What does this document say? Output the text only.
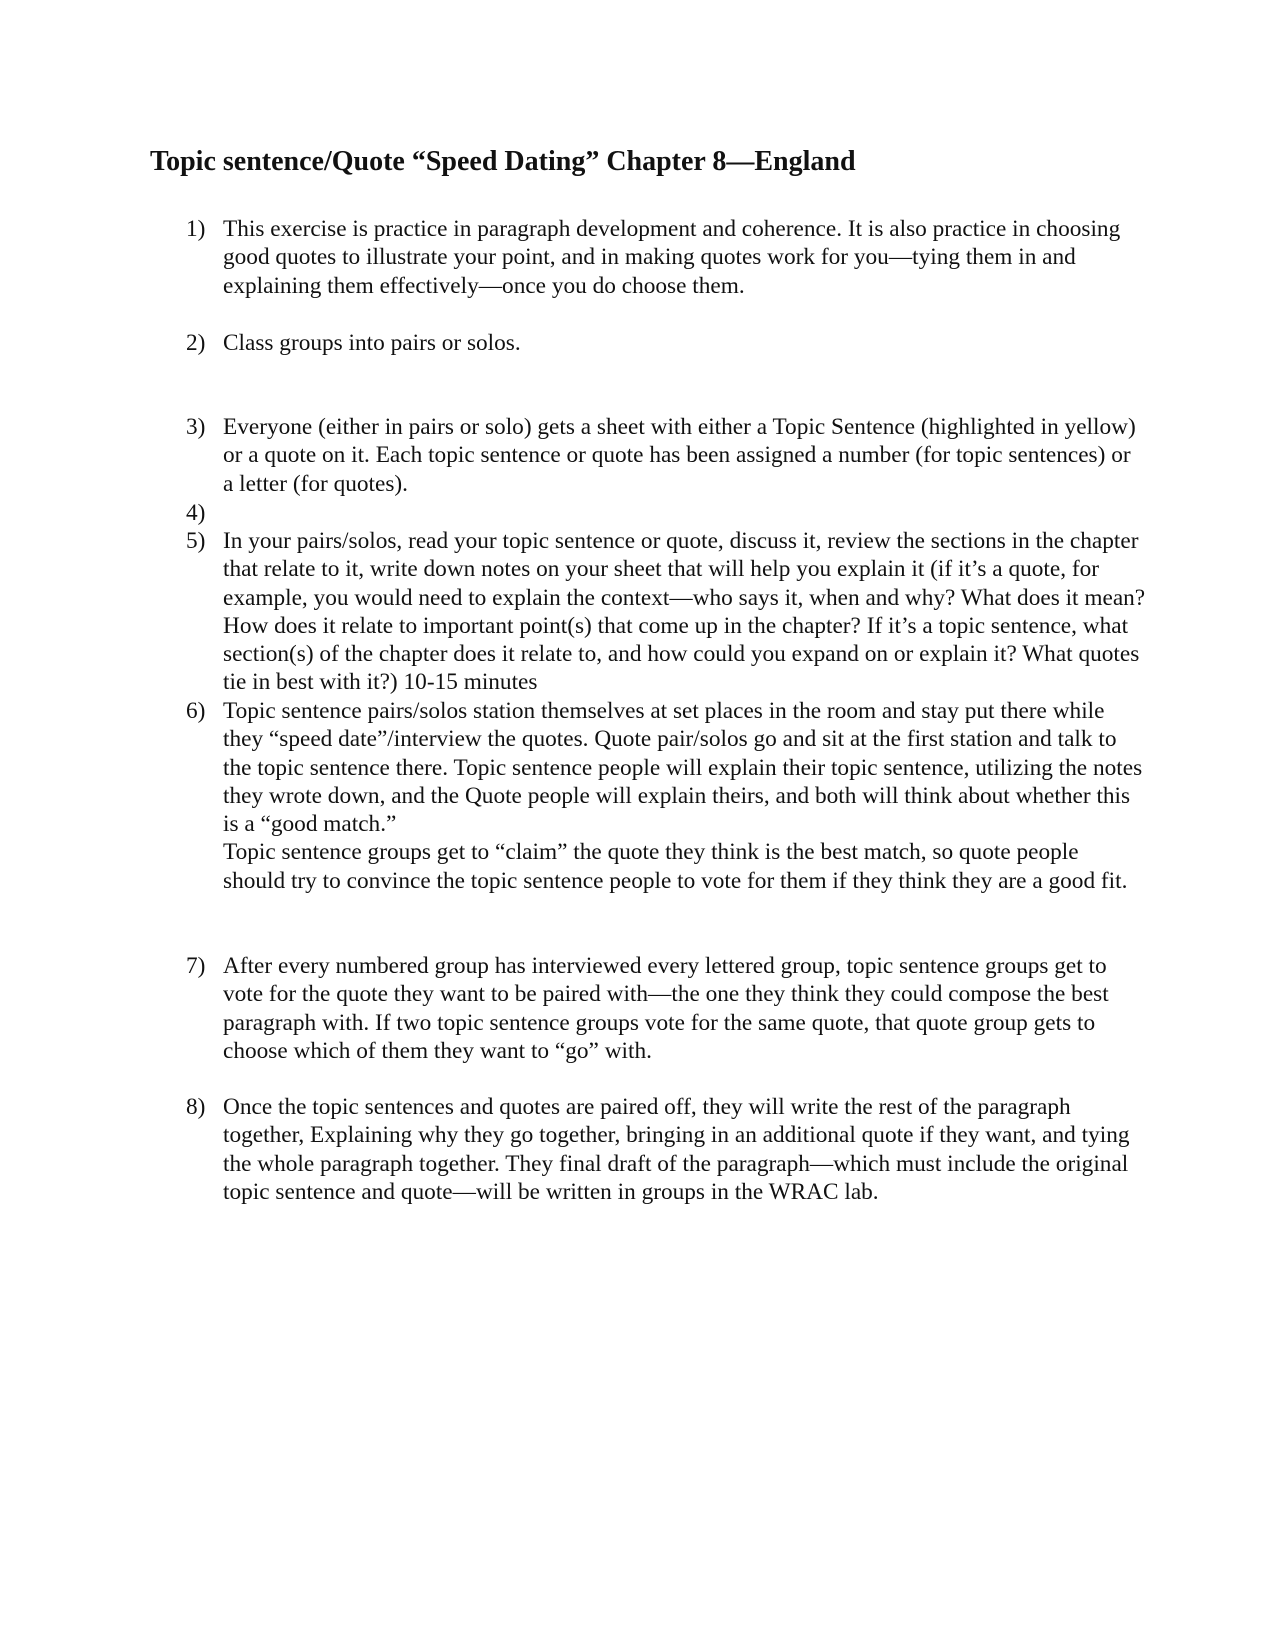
Topic sentence/Quote “Speed Dating” Chapter 8—England
1) This exercise is practice in paragraph development and coherence. It is also practice in choosing good quotes to illustrate your point, and in making quotes work for you—tying them in and explaining them effectively—once you do choose them.
2) Class groups into pairs or solos.
3) Everyone (either in pairs or solo) gets a sheet with either a Topic Sentence (highlighted in yellow) or a quote on it. Each topic sentence or quote has been assigned a number (for topic sentences) or a letter (for quotes).
4)
5) In your pairs/solos, read your topic sentence or quote, discuss it, review the sections in the chapter that relate to it, write down notes on your sheet that will help you explain it (if it’s a quote, for example, you would need to explain the context—who says it, when and why? What does it mean? How does it relate to important point(s) that come up in the chapter? If it’s a topic sentence, what section(s) of the chapter does it relate to, and how could you expand on or explain it? What quotes tie in best with it?) 10-15 minutes
6) Topic sentence pairs/solos station themselves at set places in the room and stay put there while they “speed date”/interview the quotes. Quote pair/solos go and sit at the first station and talk to the topic sentence there. Topic sentence people will explain their topic sentence, utilizing the notes they wrote down, and the Quote people will explain theirs, and both will think about whether this is a “good match.”
Topic sentence groups get to “claim” the quote they think is the best match, so quote people should try to convince the topic sentence people to vote for them if they think they are a good fit.
7) After every numbered group has interviewed every lettered group, topic sentence groups get to vote for the quote they want to be paired with—the one they think they could compose the best paragraph with. If two topic sentence groups vote for the same quote, that quote group gets to choose which of them they want to “go” with.
8) Once the topic sentences and quotes are paired off, they will write the rest of the paragraph together, Explaining why they go together, bringing in an additional quote if they want, and tying the whole paragraph together. They final draft of the paragraph—which must include the original topic sentence and quote—will be written in groups in the WRAC lab.
